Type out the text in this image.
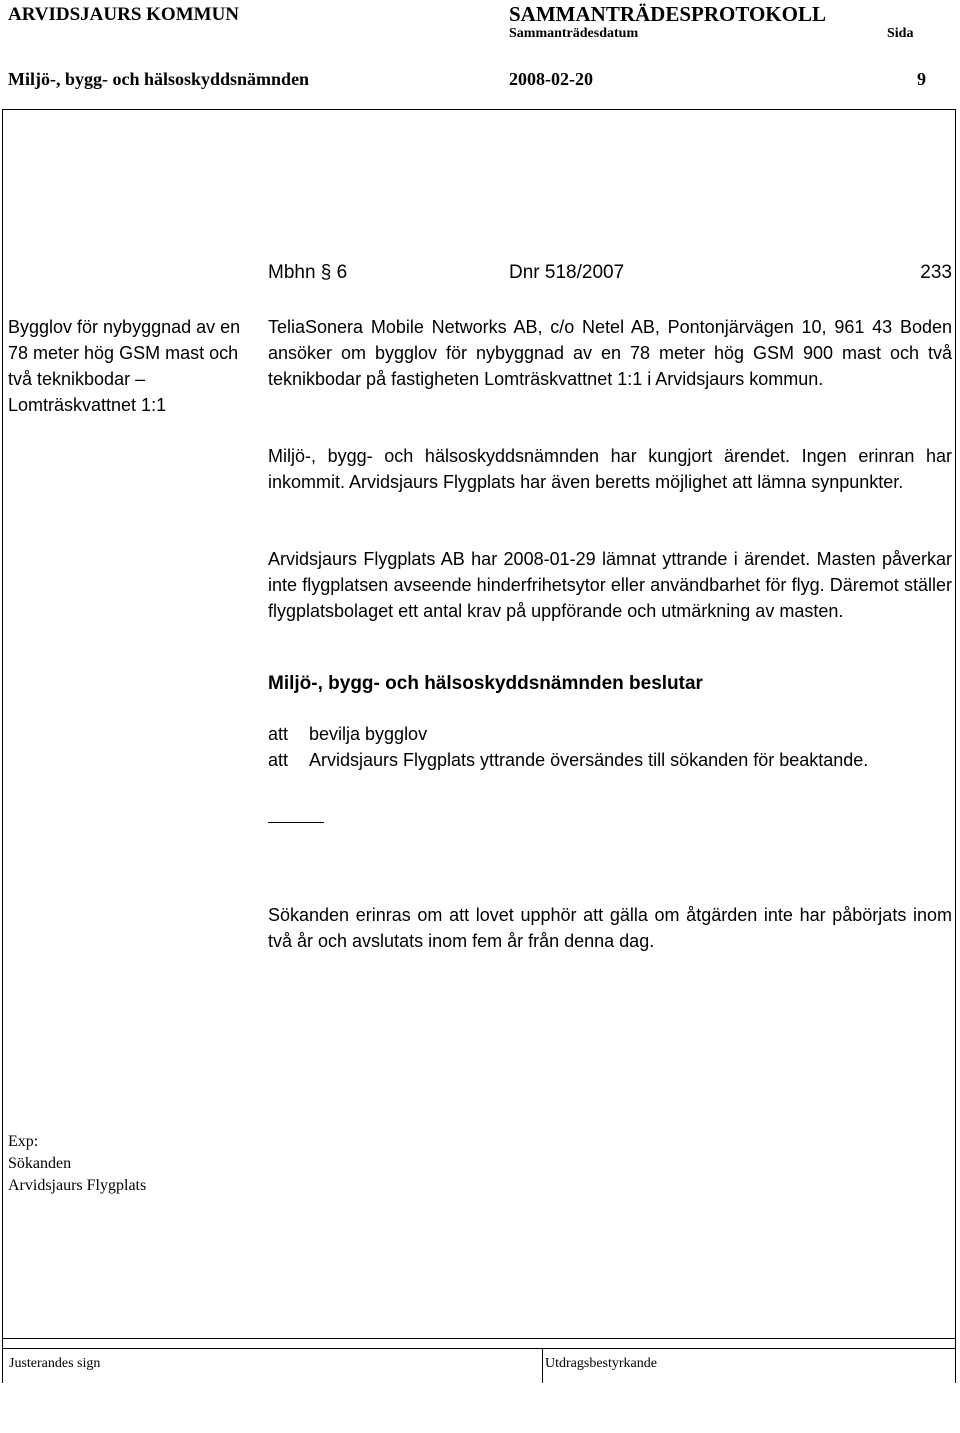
ARVIDSJAURS KOMMUN	SAMMANTRÄDESPROTOKOLL
Sammanträdesdatum	Sida
Miljö-, bygg- och hälsoskyddsnämnden	2008-02-20	9
Mbhn § 6	Dnr 518/2007	233
Bygglov för nybyggnad av en 78 meter hög GSM mast och två teknikbodar – Lomträskvattnet 1:1

TeliaSonera Mobile Networks AB, c/o Netel AB, Pontonjärvägen 10, 961 43 Boden ansöker om bygglov för nybyggnad av en 78 meter hög GSM 900 mast och två teknikbodar på fastigheten Lomträskvattnet 1:1 i Arvidsjaurs kommun.

Miljö-, bygg- och hälsoskyddsnämnden har kungjort ärendet. Ingen erinran har inkommit. Arvidsjaurs Flygplats har även beretts möjlighet att lämna synpunkter.

Arvidsjaurs Flygplats AB har 2008-01-29 lämnat yttrande i ärendet. Masten påverkar inte flygplatsen avseende hinderfrihetsytor eller användbarhet för flyg. Däremot ställer flygplatsbolaget ett antal krav på uppförande och utmärkning av masten.

Miljö-, bygg- och hälsoskyddsnämnden beslutar
att bevilja bygglov
att Arvidsjaurs Flygplats yttrande översändes till sökanden för beaktande.

Sökanden erinras om att lovet upphör att gälla om åtgärden inte har påbörjats inom två år och avslutats inom fem år från denna dag.

Exp:
Sökanden
Arvidsjaurs Flygplats
Justerandes sign	Utdragsbestyrkande
